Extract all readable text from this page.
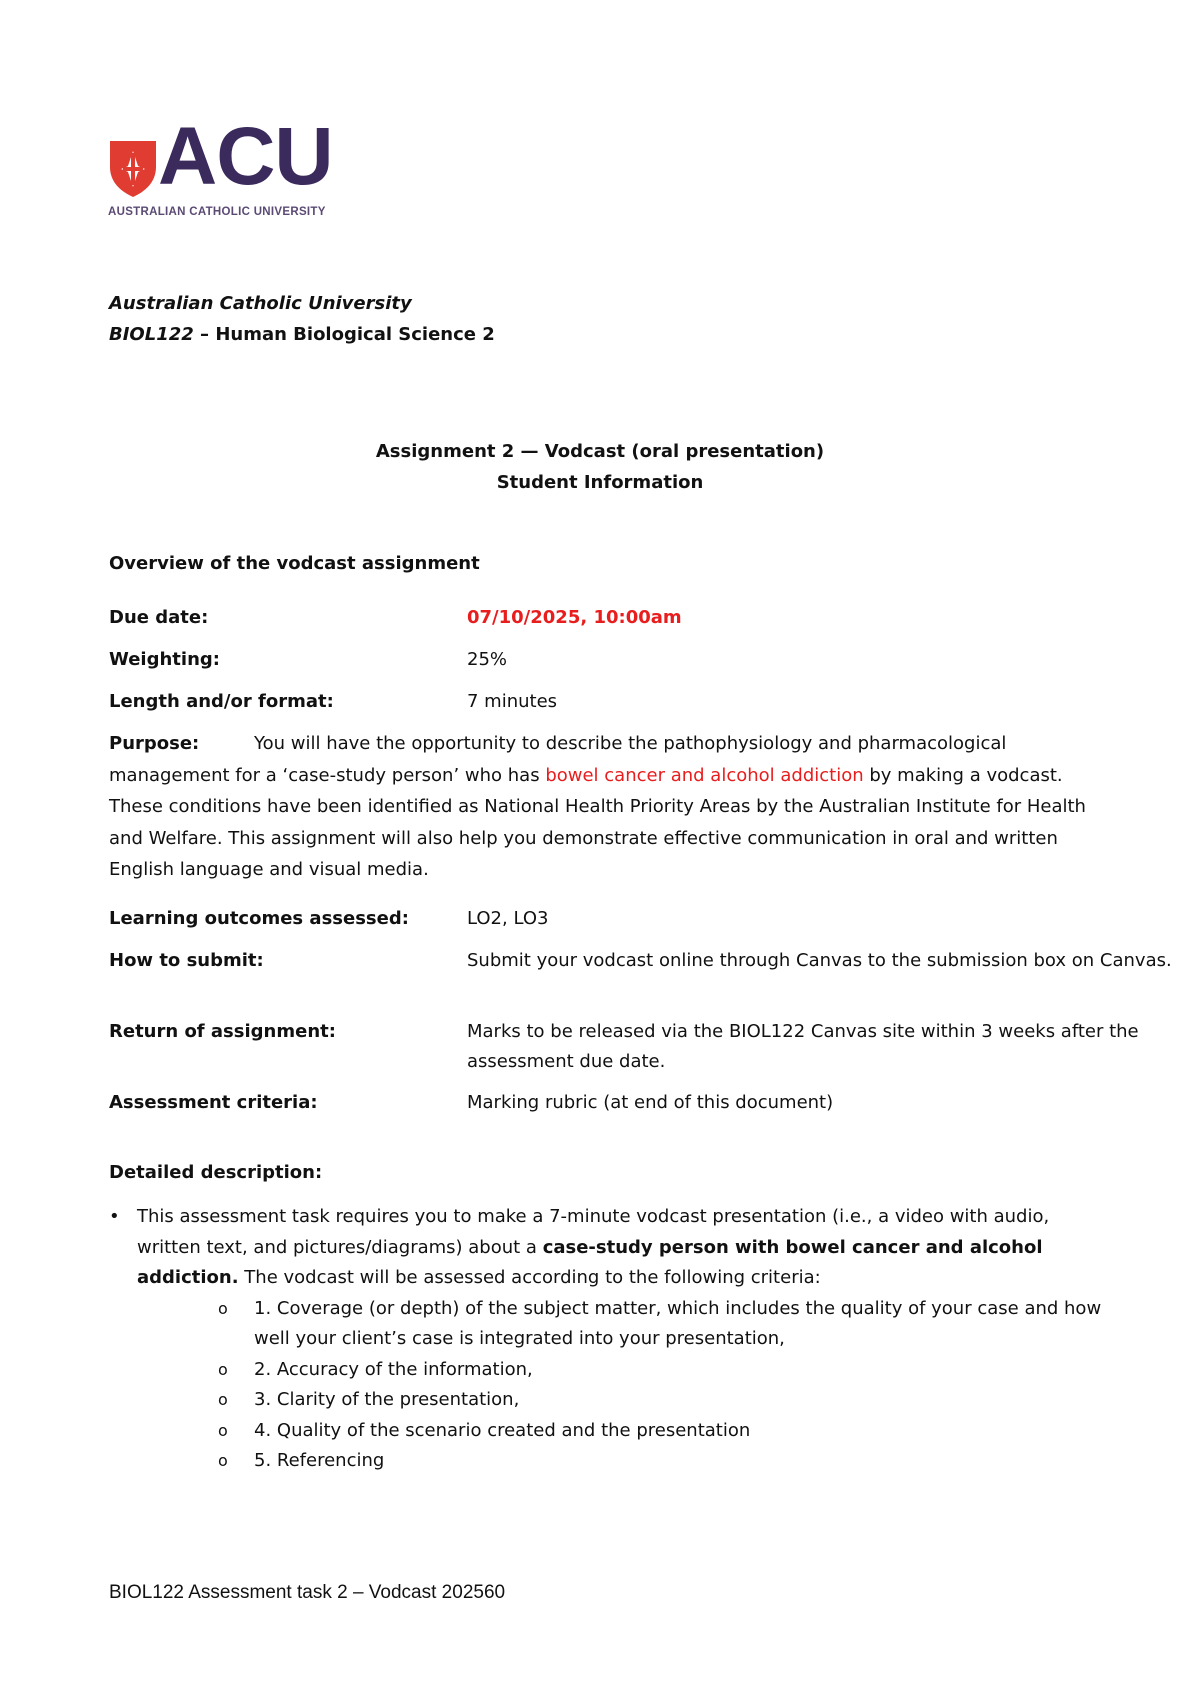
ACU
AUSTRALIAN CATHOLIC UNIVERSITY
Australian Catholic University
BIOL122 – Human Biological Science 2
Assignment 2 — Vodcast (oral presentation)
Student Information
Overview of the vodcast assignment
Due date:	07/10/2025, 10:00am
Weighting:	25%
Length and/or format:	7 minutes
Purpose:	You will have the opportunity to describe the pathophysiology and pharmacological management for a ‘case-study person’ who has bowel cancer and alcohol addiction by making a vodcast. These conditions have been identified as National Health Priority Areas by the Australian Institute for Health and Welfare. This assignment will also help you demonstrate effective communication in oral and written English language and visual media.
Learning outcomes assessed:	LO2, LO3
How to submit:	Submit your vodcast online through Canvas to the submission box on Canvas.
Return of assignment:	Marks to be released via the BIOL122 Canvas site within 3 weeks after the assessment due date.
Assessment criteria:	Marking rubric (at end of this document)
Detailed description:
• This assessment task requires you to make a 7-minute vodcast presentation (i.e., a video with audio, written text, and pictures/diagrams) about a case-study person with bowel cancer and alcohol addiction. The vodcast will be assessed according to the following criteria:
o 1. Coverage (or depth) of the subject matter, which includes the quality of your case and how well your client’s case is integrated into your presentation,
o 2. Accuracy of the information,
o 3. Clarity of the presentation,
o 4. Quality of the scenario created and the presentation
o 5. Referencing
BIOL122 Assessment task 2 – Vodcast 202560
